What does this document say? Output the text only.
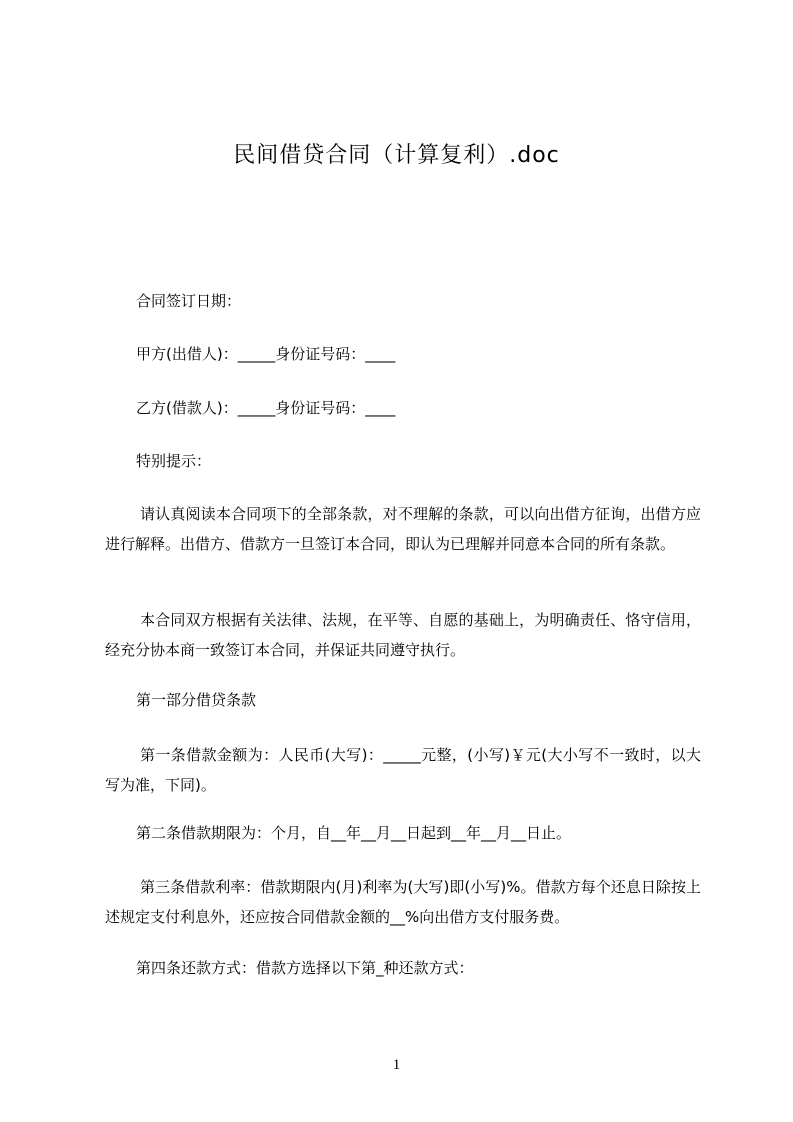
民间借贷合同（计算复利）.doc
合同签订日期：
甲方(出借人)：_____身份证号码：____
乙方(借款人)：_____身份证号码：____
特别提示：
请认真阅读本合同项下的全部条款，对不理解的条款，可以向出借方征询，出借方应进行解释。出借方、借款方一旦签订本合同，即认为已理解并同意本合同的所有条款。
本合同双方根据有关法律、法规，在平等、自愿的基础上，为明确责任、恪守信用，经充分协本商一致签订本合同，并保证共同遵守执行。
第一部分借贷条款
第一条借款金额为：人民币(大写)：_____元整，(小写)￥元(大小写不一致时，以大写为准，下同)。
第二条借款期限为：个月，自__年__月__日起到__年__月__日止。
第三条借款利率：借款期限内(月)利率为(大写)即(小写)%。借款方每个还息日除按上述规定支付利息外，还应按合同借款金额的__%向出借方支付服务费。
第四条还款方式：借款方选择以下第_种还款方式：
1
